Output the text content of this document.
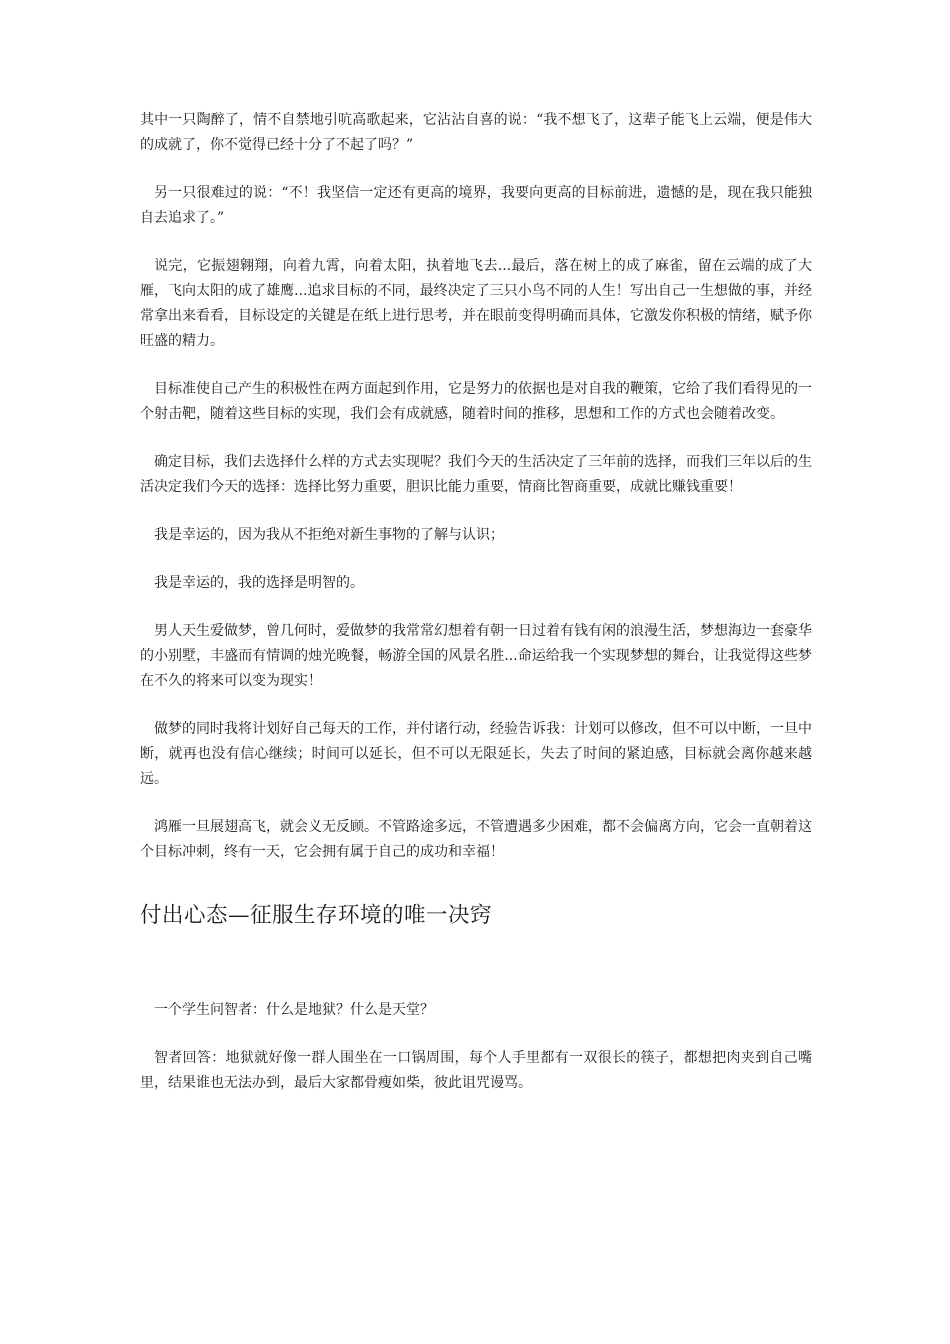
其中一只陶醉了，情不自禁地引吭高歌起来，它沾沾自喜的说：“我不想飞了，这辈子能飞上云端，便是伟大的成就了，你不觉得已经十分了不起了吗？”

另一只很难过的说：“不！我坚信一定还有更高的境界，我要向更高的目标前进，遗憾的是，现在我只能独自去追求了。”

说完，它振翅翱翔，向着九霄，向着太阳，执着地飞去...最后，落在树上的成了麻雀，留在云端的成了大雁，飞向太阳的成了雄鹰...追求目标的不同，最终决定了三只小鸟不同的人生！写出自己一生想做的事，并经常拿出来看看，目标设定的关键是在纸上进行思考，并在眼前变得明确而具体，它激发你积极的情绪，赋予你旺盛的精力。

目标准使自己产生的积极性在两方面起到作用，它是努力的依据也是对自我的鞭策，它给了我们看得见的一个射击靶，随着这些目标的实现，我们会有成就感，随着时间的推移，思想和工作的方式也会随着改变。

确定目标，我们去选择什么样的方式去实现呢？我们今天的生活决定了三年前的选择，而我们三年以后的生活决定我们今天的选择：选择比努力重要，胆识比能力重要，情商比智商重要，成就比赚钱重要！

我是幸运的，因为我从不拒绝对新生事物的了解与认识；

我是幸运的，我的选择是明智的。

男人天生爱做梦，曾几何时，爱做梦的我常常幻想着有朝一日过着有钱有闲的浪漫生活，梦想海边一套豪华的小别墅，丰盛而有情调的烛光晚餐，畅游全国的风景名胜...命运给我一个实现梦想的舞台，让我觉得这些梦在不久的将来可以变为现实！

做梦的同时我将计划好自己每天的工作，并付诸行动，经验告诉我：计划可以修改，但不可以中断，一旦中断，就再也没有信心继续；时间可以延长，但不可以无限延长，失去了时间的紧迫感，目标就会离你越来越远。

鸿雁一旦展翅高飞，就会义无反顾。不管路途多远，不管遭遇多少困难，都不会偏离方向，它会一直朝着这个目标冲刺，终有一天，它会拥有属于自己的成功和幸福！

付出心态—征服生存环境的唯一决窍

一个学生问智者：什么是地狱？什么是天堂？

智者回答：地狱就好像一群人围坐在一口锅周围，每个人手里都有一双很长的筷子，都想把肉夹到自己嘴里，结果谁也无法办到，最后大家都骨瘦如柴，彼此诅咒谩骂。
